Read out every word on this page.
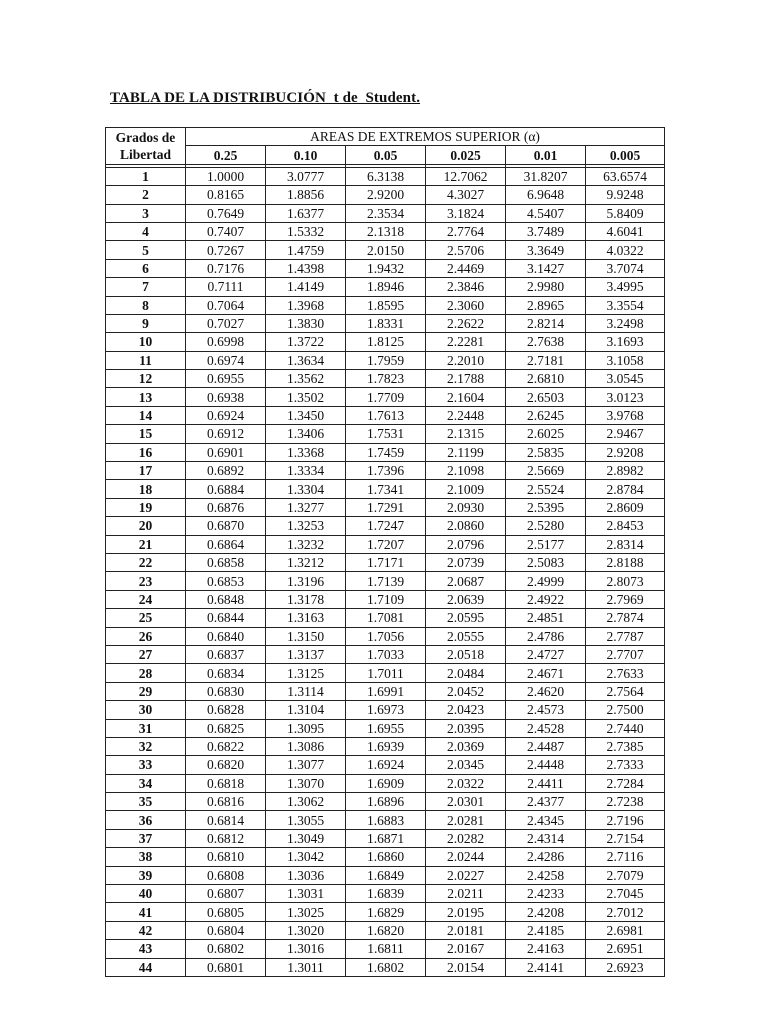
TABLA DE LA DISTRIBUCIÓN  t de  Student.
Grados de
Libertad	AREAS DE EXTREMOS SUPERIOR (α)					
	0.25	0.10	0.05	0.025	0.01	0.005

1	1.0000	3.0777	6.3138	12.7062	31.8207	63.6574
2	0.8165	1.8856	2.9200	4.3027	6.9648	9.9248
3	0.7649	1.6377	2.3534	3.1824	4.5407	5.8409
4	0.7407	1.5332	2.1318	2.7764	3.7489	4.6041
5	0.7267	1.4759	2.0150	2.5706	3.3649	4.0322
6	0.7176	1.4398	1.9432	2.4469	3.1427	3.7074
7	0.7111	1.4149	1.8946	2.3846	2.9980	3.4995
8	0.7064	1.3968	1.8595	2.3060	2.8965	3.3554
9	0.7027	1.3830	1.8331	2.2622	2.8214	3.2498
10	0.6998	1.3722	1.8125	2.2281	2.7638	3.1693
11	0.6974	1.3634	1.7959	2.2010	2.7181	3.1058
12	0.6955	1.3562	1.7823	2.1788	2.6810	3.0545
13	0.6938	1.3502	1.7709	2.1604	2.6503	3.0123
14	0.6924	1.3450	1.7613	2.2448	2.6245	3.9768
15	0.6912	1.3406	1.7531	2.1315	2.6025	2.9467
16	0.6901	1.3368	1.7459	2.1199	2.5835	2.9208
17	0.6892	1.3334	1.7396	2.1098	2.5669	2.8982
18	0.6884	1.3304	1.7341	2.1009	2.5524	2.8784
19	0.6876	1.3277	1.7291	2.0930	2.5395	2.8609
20	0.6870	1.3253	1.7247	2.0860	2.5280	2.8453
21	0.6864	1.3232	1.7207	2.0796	2.5177	2.8314
22	0.6858	1.3212	1.7171	2.0739	2.5083	2.8188
23	0.6853	1.3196	1.7139	2.0687	2.4999	2.8073
24	0.6848	1.3178	1.7109	2.0639	2.4922	2.7969
25	0.6844	1.3163	1.7081	2.0595	2.4851	2.7874
26	0.6840	1.3150	1.7056	2.0555	2.4786	2.7787
27	0.6837	1.3137	1.7033	2.0518	2.4727	2.7707
28	0.6834	1.3125	1.7011	2.0484	2.4671	2.7633
29	0.6830	1.3114	1.6991	2.0452	2.4620	2.7564
30	0.6828	1.3104	1.6973	2.0423	2.4573	2.7500
31	0.6825	1.3095	1.6955	2.0395	2.4528	2.7440
32	0.6822	1.3086	1.6939	2.0369	2.4487	2.7385
33	0.6820	1.3077	1.6924	2.0345	2.4448	2.7333
34	0.6818	1.3070	1.6909	2.0322	2.4411	2.7284
35	0.6816	1.3062	1.6896	2.0301	2.4377	2.7238
36	0.6814	1.3055	1.6883	2.0281	2.4345	2.7196
37	0.6812	1.3049	1.6871	2.0282	2.4314	2.7154
38	0.6810	1.3042	1.6860	2.0244	2.4286	2.7116
39	0.6808	1.3036	1.6849	2.0227	2.4258	2.7079
40	0.6807	1.3031	1.6839	2.0211	2.4233	2.7045
41	0.6805	1.3025	1.6829	2.0195	2.4208	2.7012
42	0.6804	1.3020	1.6820	2.0181	2.4185	2.6981
43	0.6802	1.3016	1.6811	2.0167	2.4163	2.6951
44	0.6801	1.3011	1.6802	2.0154	2.4141	2.6923
